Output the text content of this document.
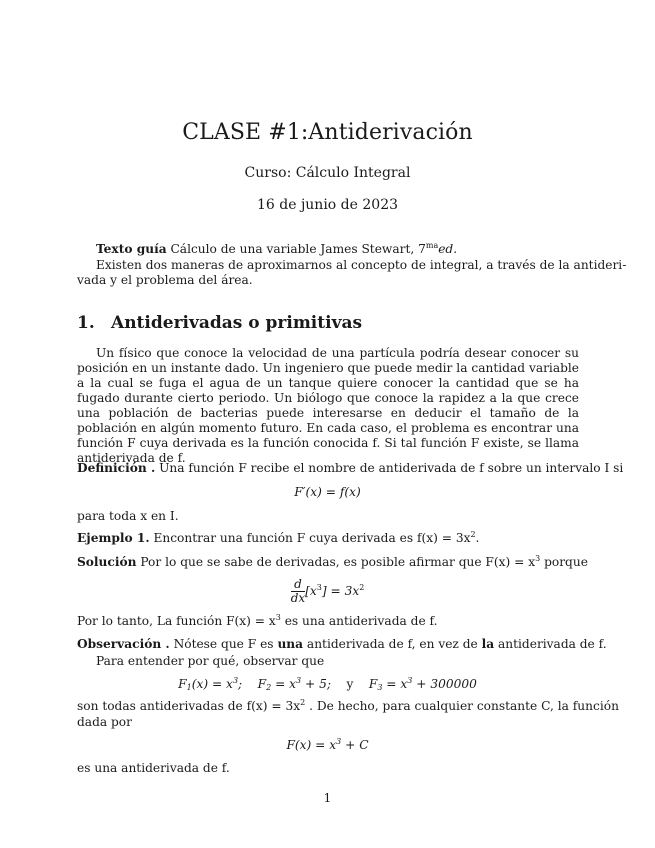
CLASE #1:Antiderivación
Curso: Cálculo Integral
16 de junio de 2023
Texto guía Cálculo de una variable James Stewart, $7^{ma}ed$.
Existen dos maneras de aproximarnos al concepto de integral, a través de la antideri-
vada y el problema del área.
1. Antiderivadas o primitivas
Un físico que conoce la velocidad de una partícula podría desear conocer su posición en un instante dado. Un ingeniero que puede medir la cantidad variable a la cual se fuga el agua de un tanque quiere conocer la cantidad que se ha fugado durante cierto periodo. Un biólogo que conoce la rapidez a la que crece una población de bacterias puede interesarse en deducir el tamaño de la población en algún momento futuro. En cada caso, el problema es encontrar una función F cuya derivada es la función conocida f. Si tal función F existe, se llama antiderivada de f.
Definición . Una función F recibe el nombre de antiderivada de f sobre un intervalo I si
F′(x) = f(x)
para toda x en I.
Ejemplo 1. Encontrar una función F cuya derivada es $f(x) = 3x^2$.
Solución Por lo que se sabe de derivadas, es posible afirmar que $F(x) = x^3$ porque
$\frac{d}{dx} [x^3] = 3x^2$
Por lo tanto, La función $F(x) = x^3$ es una antiderivada de f.
Observación . Nótese que F es una antiderivada de f, en vez de la antiderivada de f.
Para entender por qué, observar que
$F_1(x) = x^3$; $F_2 = x^3 + 5$; y $F_3 = x^3 + 300000$
son todas antiderivadas de $f(x) = 3x^2$ . De hecho, para cualquier constante C, la función
dada por
$F(x) = x^3 + C$
es una antiderivada de f.
1
